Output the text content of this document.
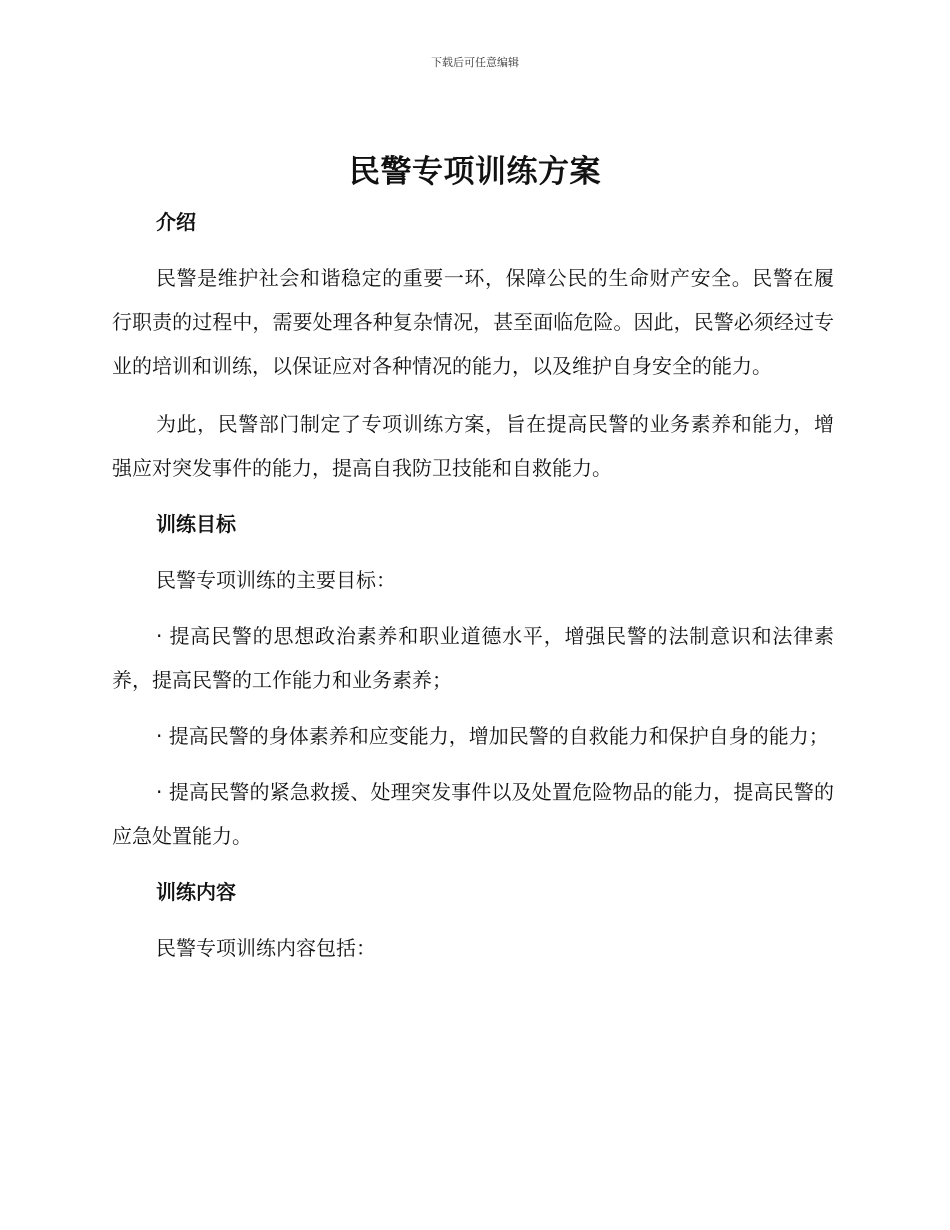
下载后可任意编辑
民警专项训练方案
介绍

民警是维护社会和谐稳定的重要一环，保障公民的生命财产安全。民警在履行职责的过程中，需要处理各种复杂情况，甚至面临危险。因此，民警必须经过专业的培训和训练，以保证应对各种情况的能力，以及维护自身安全的能力。

为此，民警部门制定了专项训练方案，旨在提高民警的业务素养和能力，增强应对突发事件的能力，提高自我防卫技能和自救能力。

训练目标

民警专项训练的主要目标：

· 提高民警的思想政治素养和职业道德水平，增强民警的法制意识和法律素养，提高民警的工作能力和业务素养；

· 提高民警的身体素养和应变能力，增加民警的自救能力和保护自身的能力；

· 提高民警的紧急救援、处理突发事件以及处置危险物品的能力，提高民警的应急处置能力。

训练内容

民警专项训练内容包括：
